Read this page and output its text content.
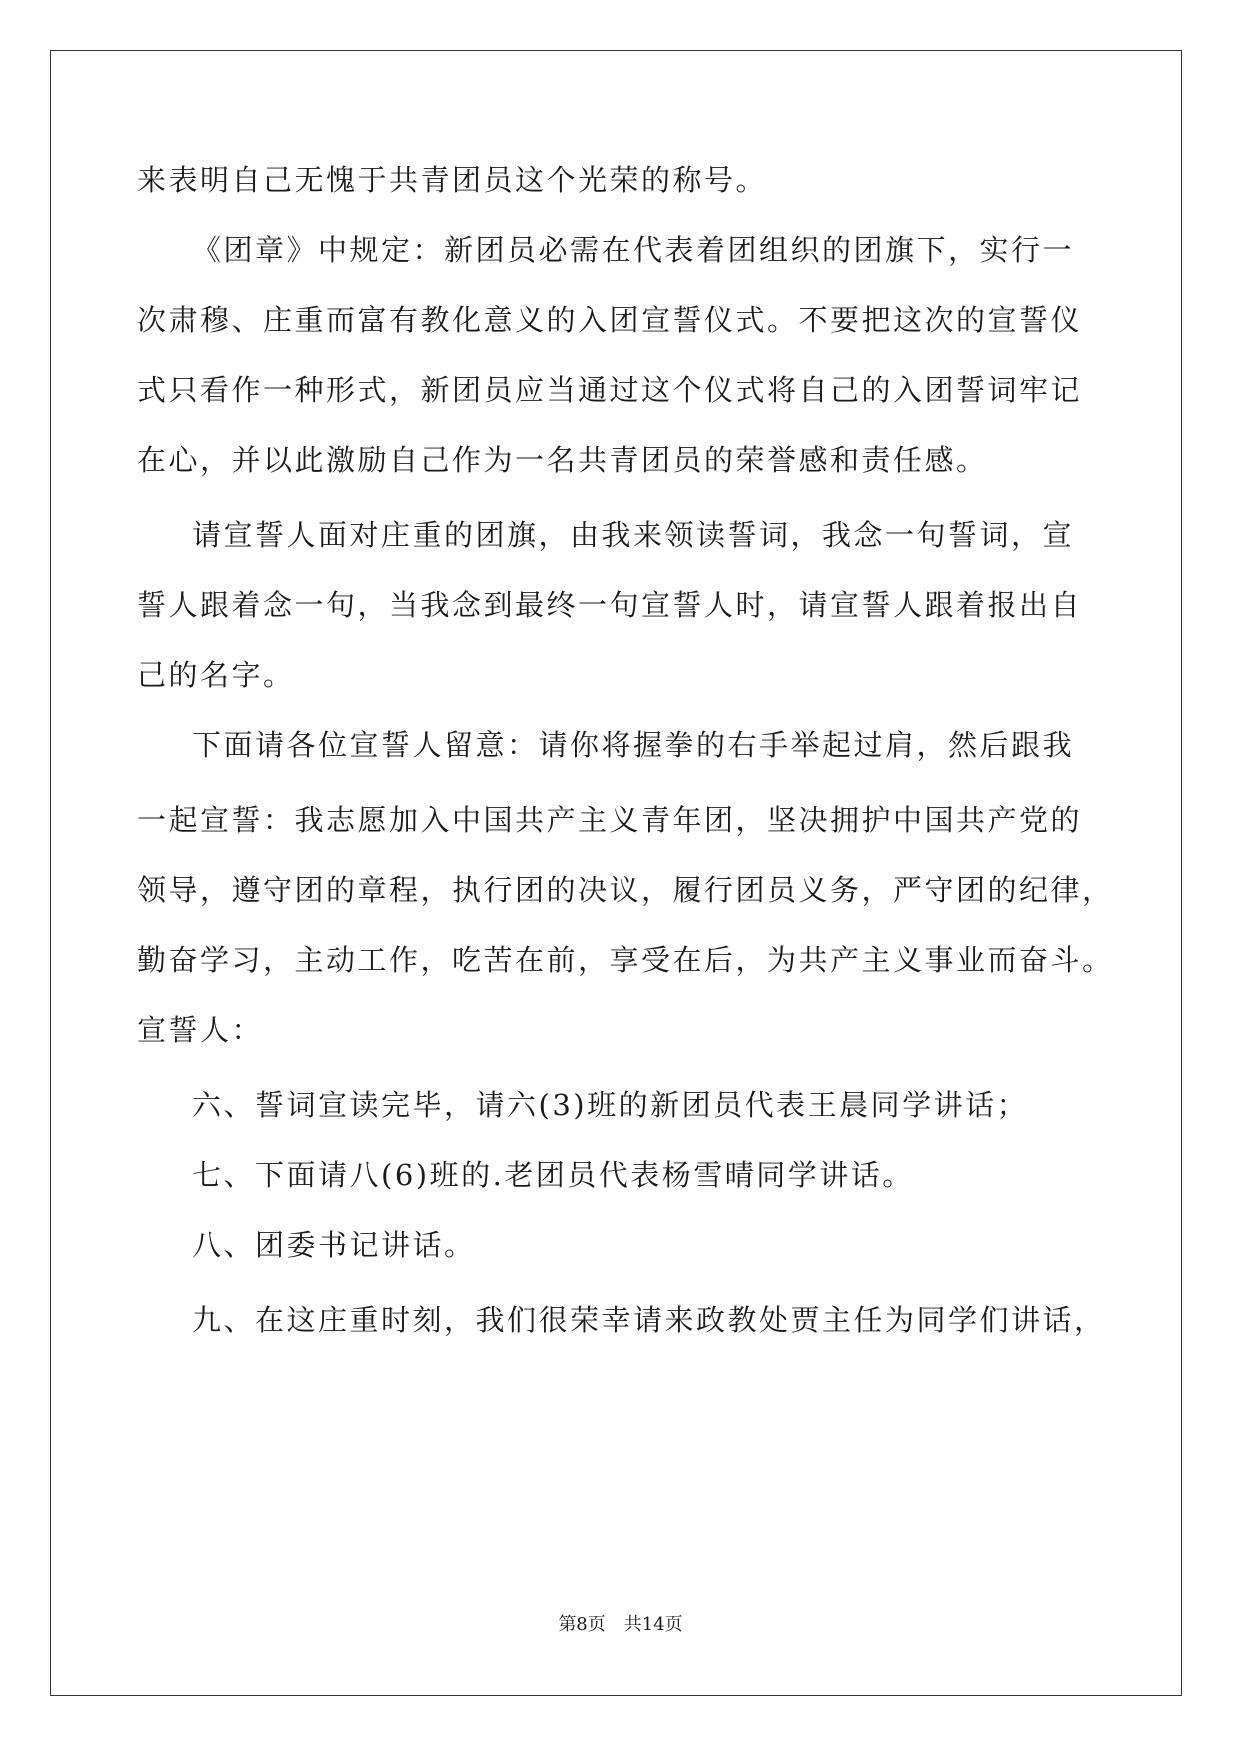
来表明自己无愧于共青团员这个光荣的称号。
《团章》中规定：新团员必需在代表着团组织的团旗下，实行一
次肃穆、庄重而富有教化意义的入团宣誓仪式。不要把这次的宣誓仪
式只看作一种形式，新团员应当通过这个仪式将自己的入团誓词牢记
在心，并以此激励自己作为一名共青团员的荣誉感和责任感。
请宣誓人面对庄重的团旗，由我来领读誓词，我念一句誓词，宣
誓人跟着念一句，当我念到最终一句宣誓人时，请宣誓人跟着报出自
己的名字。
下面请各位宣誓人留意：请你将握拳的右手举起过肩，然后跟我
一起宣誓：我志愿加入中国共产主义青年团，坚决拥护中国共产党的
领导，遵守团的章程，执行团的决议，履行团员义务，严守团的纪律，
勤奋学习，主动工作，吃苦在前，享受在后，为共产主义事业而奋斗。
宣誓人：
六、誓词宣读完毕，请六(3)班的新团员代表王晨同学讲话；
七、下面请八(6)班的.老团员代表杨雪晴同学讲话。
八、团委书记讲话。
九、在这庄重时刻，我们很荣幸请来政教处贾主任为同学们讲话，
第8页　共14页
